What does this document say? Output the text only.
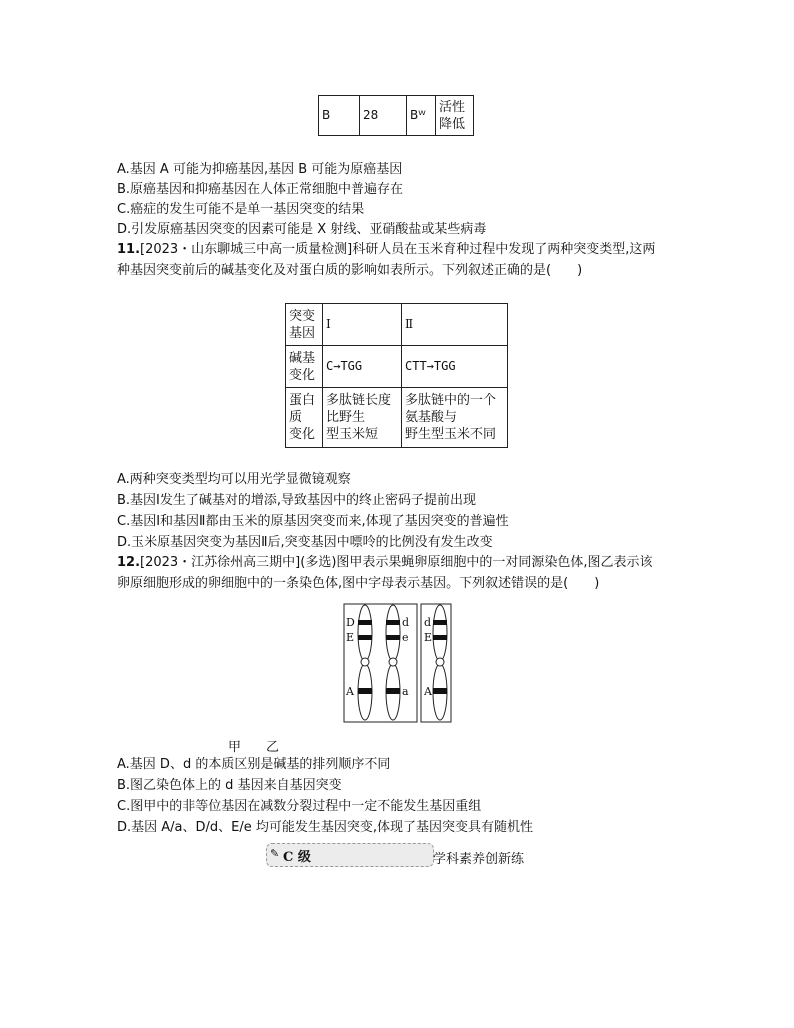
B	28	Bᵂ	活性
降低
A.基因 A 可能为抑癌基因,基因 B 可能为原癌基因
B.原癌基因和抑癌基因在人体正常细胞中普遍存在
C.癌症的发生可能不是单一基因突变的结果
D.引发原癌基因突变的因素可能是 X 射线、亚硝酸盐或某些病毒
11.[2023・山东聊城三中高一质量检测]科研人员在玉米育种过程中发现了两种突变类型,这两
种基因突变前后的碱基变化及对蛋白质的影响如表所示。下列叙述正确的是(　　)
突变
基因	Ⅰ	Ⅱ
碱基
变化	C→TGG	CTT→TGG
蛋白
质
变化	多肽链长度
比野生
型玉米短	多肽链中的一个
氨基酸与
野生型玉米不同
A.两种突变类型均可以用光学显微镜观察
B.基因Ⅰ发生了碱基对的增添,导致基因中的终止密码子提前出现
C.基因Ⅰ和基因Ⅱ都由玉米的原基因突变而来,体现了基因突变的普遍性
D.玉米原基因突变为基因Ⅱ后,突变基因中嘌呤的比例没有发生改变
12.[2023・江苏徐州高三期中](多选)图甲表示果蝇卵原细胞中的一对同源染色体,图乙表示该
卵原细胞形成的卵细胞中的一条染色体,图中字母表示基因。下列叙述错误的是(　　)
D
E
A
d
e
a
d
E
A
甲 乙
A.基因 D、d 的本质区别是碱基的排列顺序不同
B.图乙染色体上的 d 基因来自基因突变
C.图甲中的非等位基因在减数分裂过程中一定不能发生基因重组
D.基因 A/a、D/d、E/e 均可能发生基因突变,体现了基因突变具有随机性
✎ C 级	学科素养创新练
